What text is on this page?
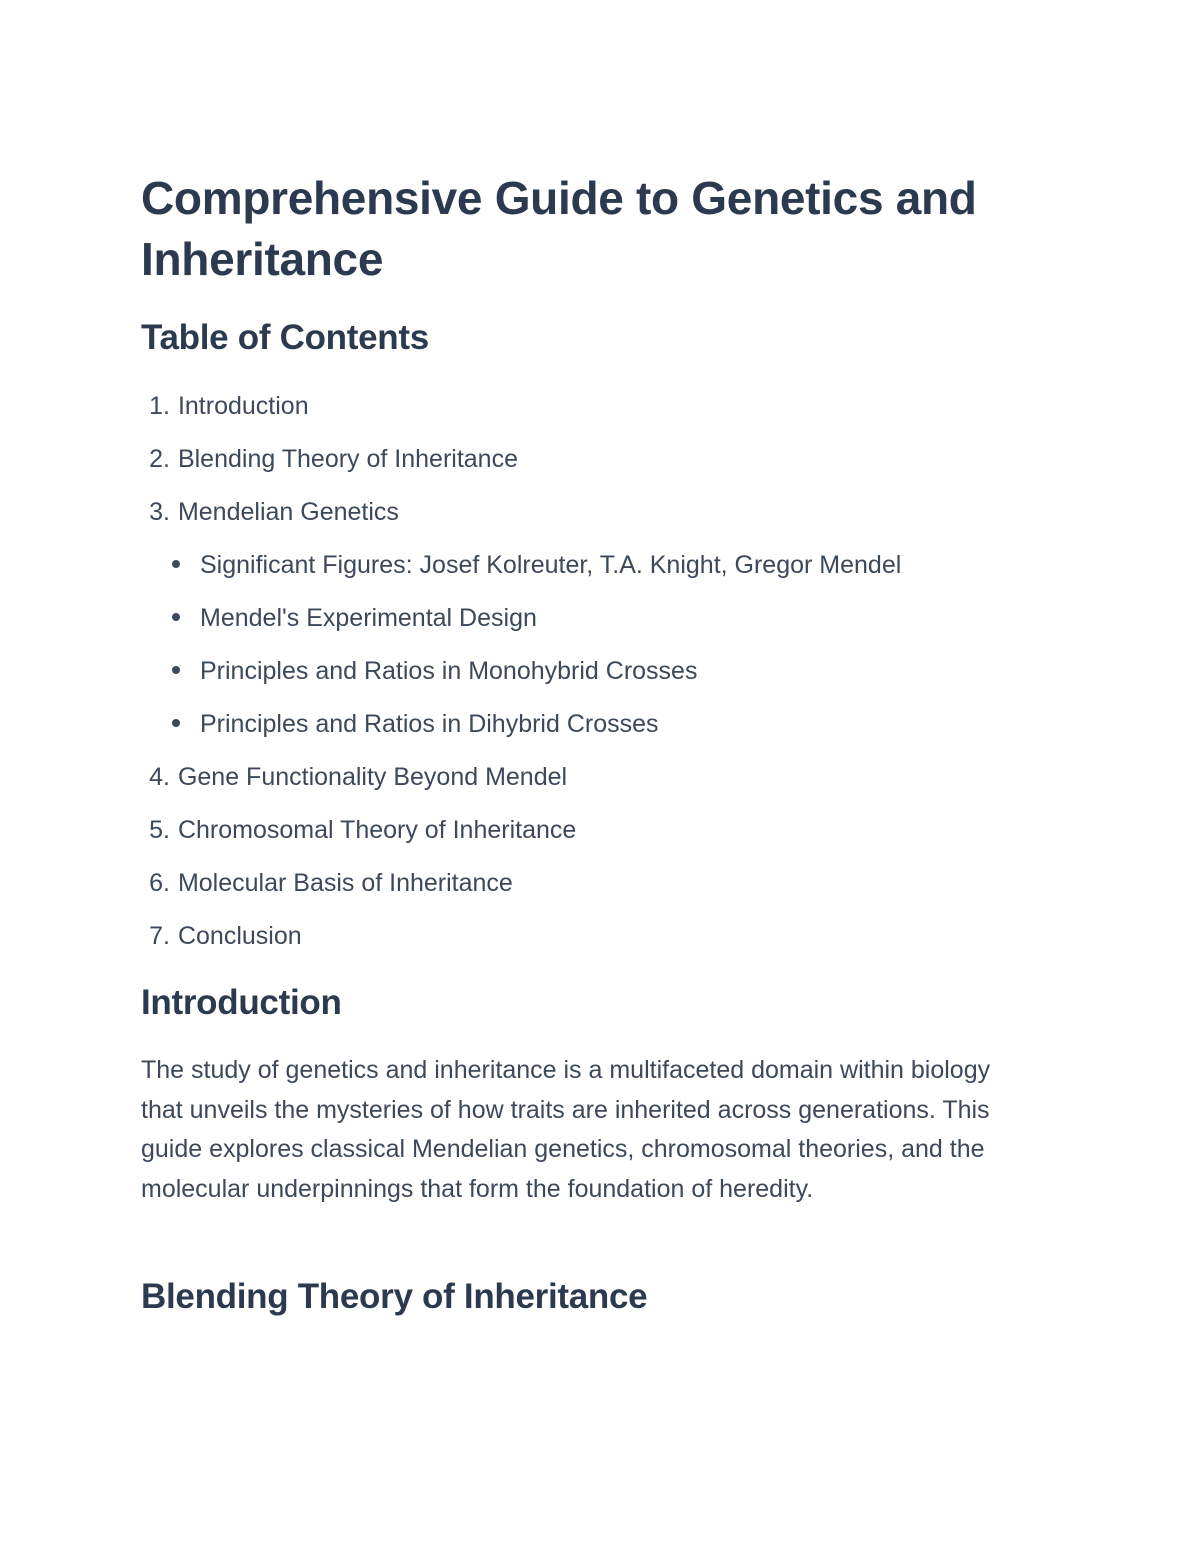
Comprehensive Guide to Genetics and Inheritance
Table of Contents
1. Introduction
2. Blending Theory of Inheritance
3. Mendelian Genetics
Significant Figures: Josef Kolreuter, T.A. Knight, Gregor Mendel
Mendel's Experimental Design
Principles and Ratios in Monohybrid Crosses
Principles and Ratios in Dihybrid Crosses
4. Gene Functionality Beyond Mendel
5. Chromosomal Theory of Inheritance
6. Molecular Basis of Inheritance
7. Conclusion
Introduction

The study of genetics and inheritance is a multifaceted domain within biology that unveils the mysteries of how traits are inherited across generations. This guide explores classical Mendelian genetics, chromosomal theories, and the molecular underpinnings that form the foundation of heredity.

Blending Theory of Inheritance
